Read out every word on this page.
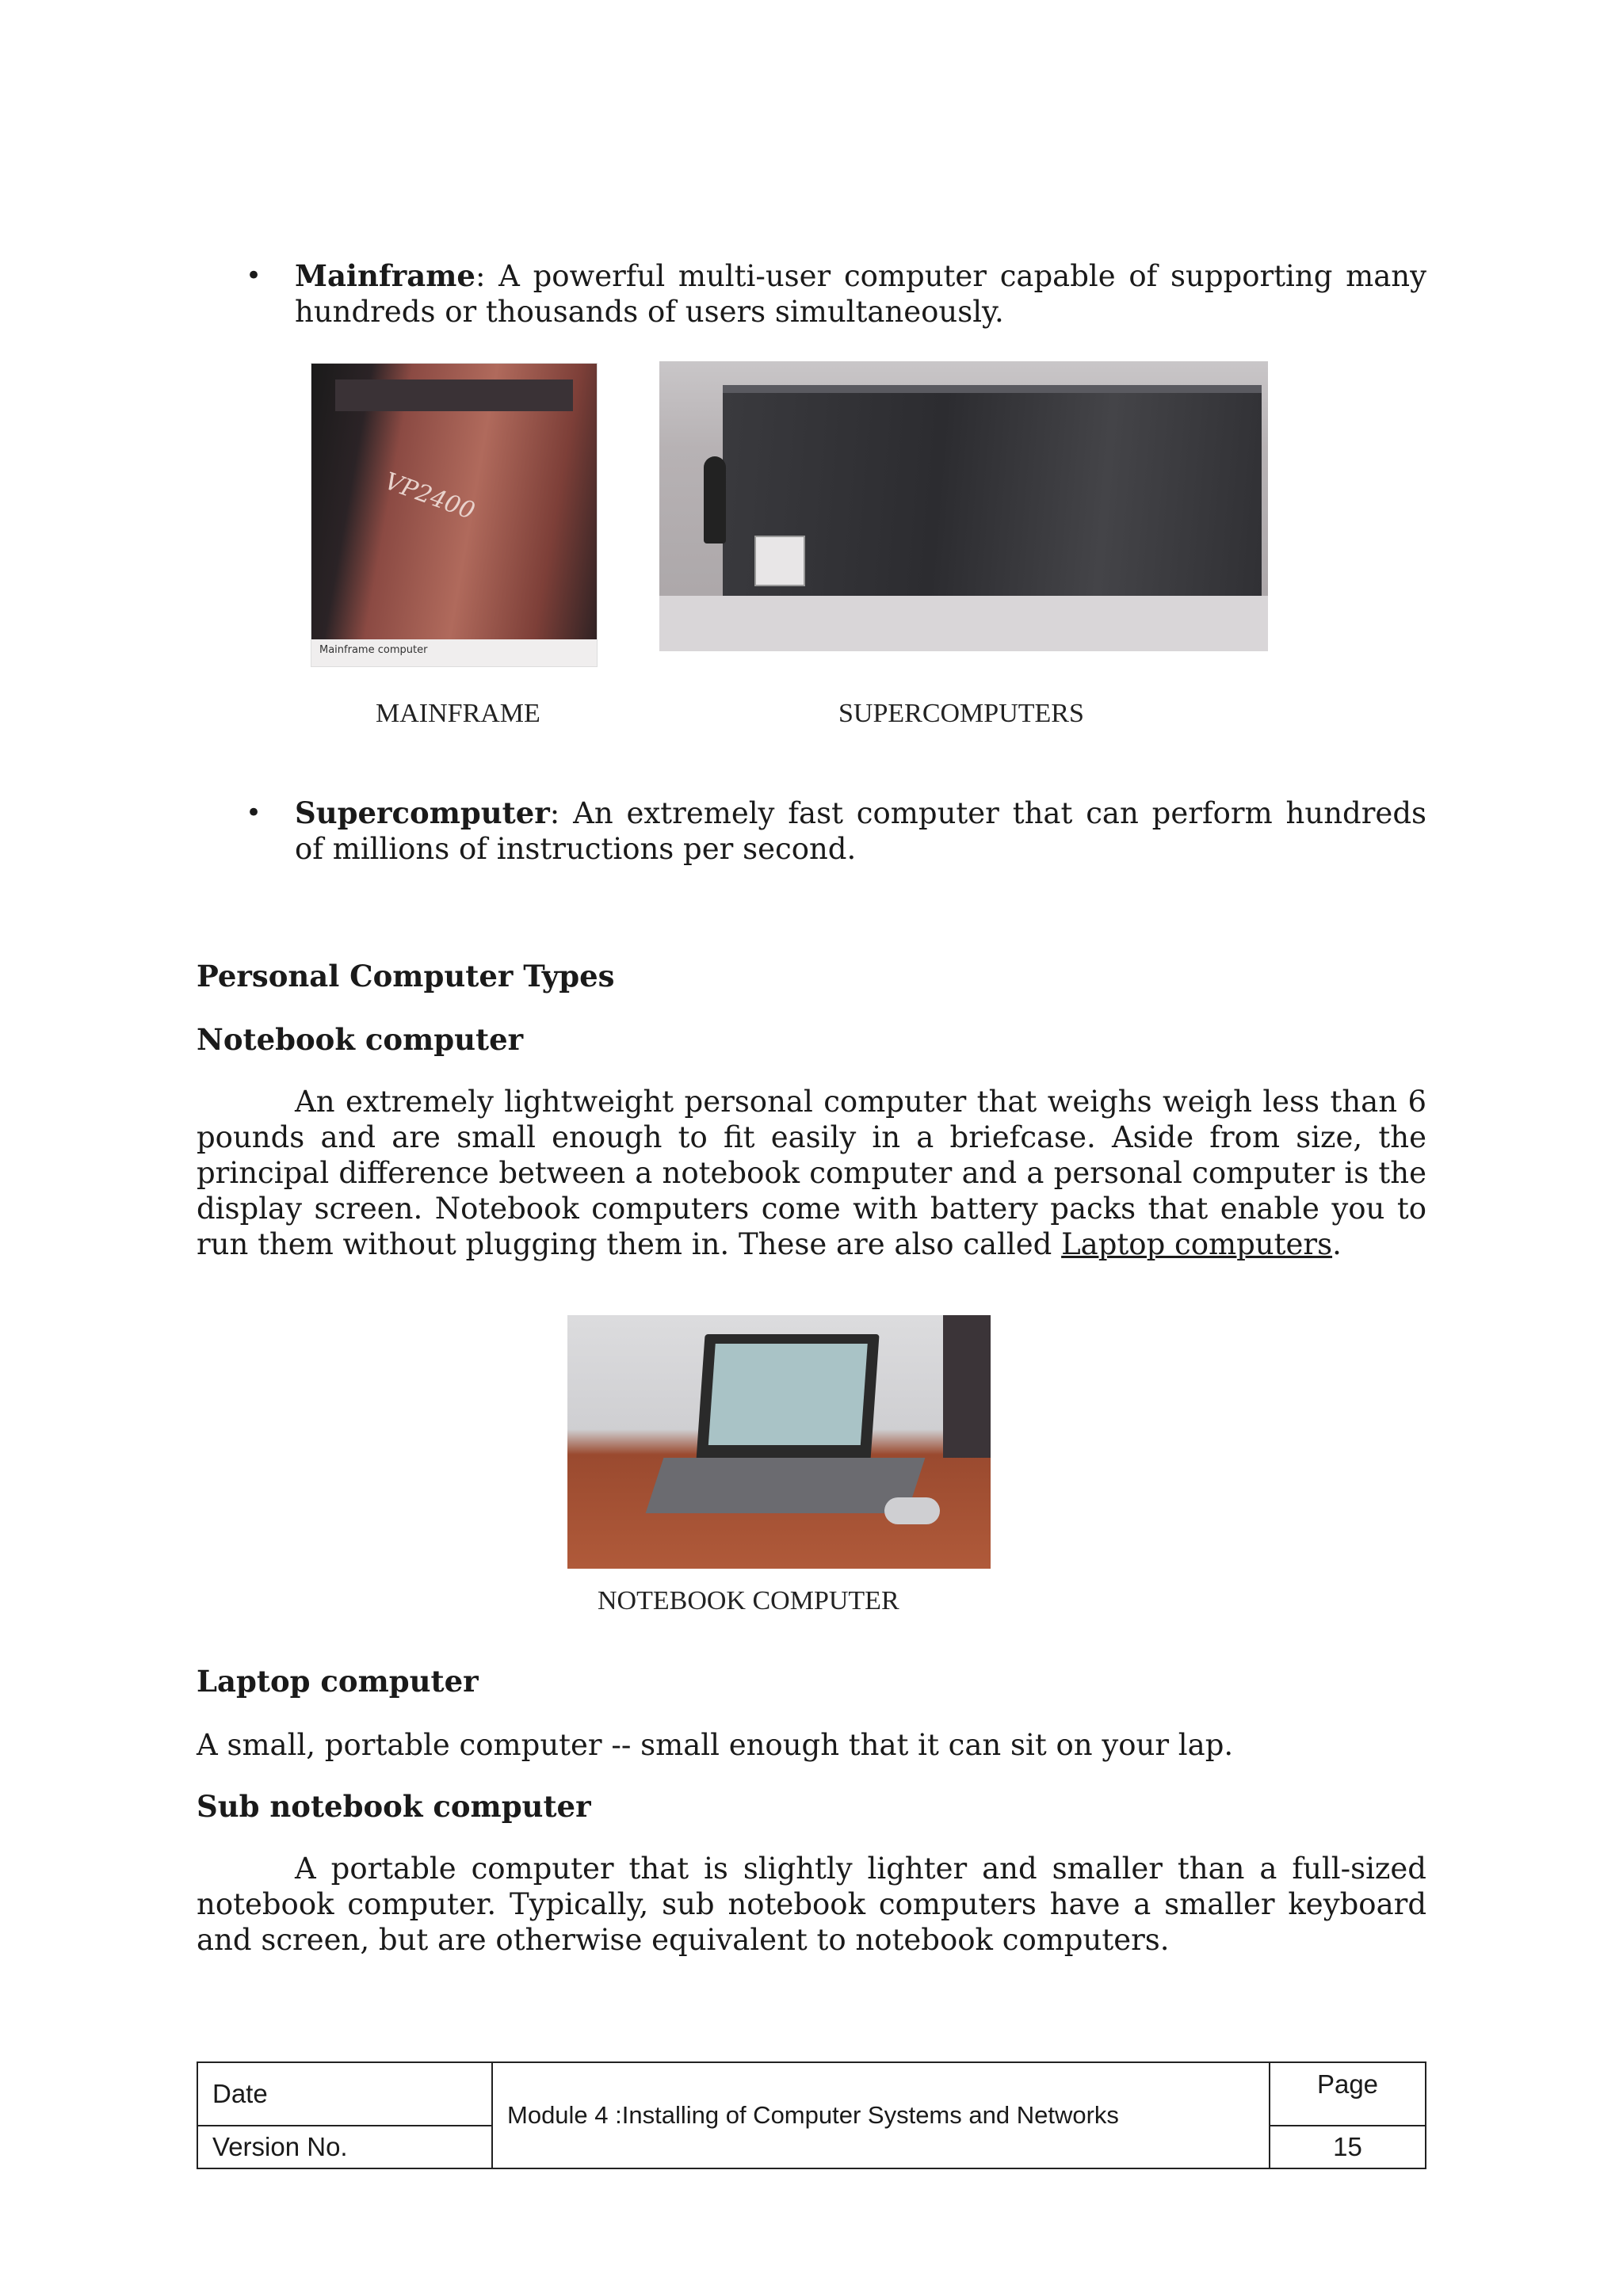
• Mainframe: A powerful multi-user computer capable of supporting many hundreds or thousands of users simultaneously.
VP2400
Mainframe computer
MAINFRAME	SUPERCOMPUTERS
• Supercomputer: An extremely fast computer that can perform hundreds of millions of instructions per second.
Personal Computer Types
Notebook computer
An extremely lightweight personal computer that weighs weigh less than 6 pounds and are small enough to fit easily in a briefcase. Aside from size, the principal difference between a notebook computer and a personal computer is the display screen. Notebook computers come with battery packs that enable you to run them without plugging them in. These are also called Laptop computers.
NOTEBOOK COMPUTER
Laptop computer
A small, portable computer -- small enough that it can sit on your lap.
Sub notebook computer
A portable computer that is slightly lighter and smaller than a full-sized notebook computer. Typically, sub notebook computers have a smaller keyboard and screen, but are otherwise equivalent to notebook computers.
Date	Module 4 :Installing of Computer Systems and Networks	Page
Version No.		15
